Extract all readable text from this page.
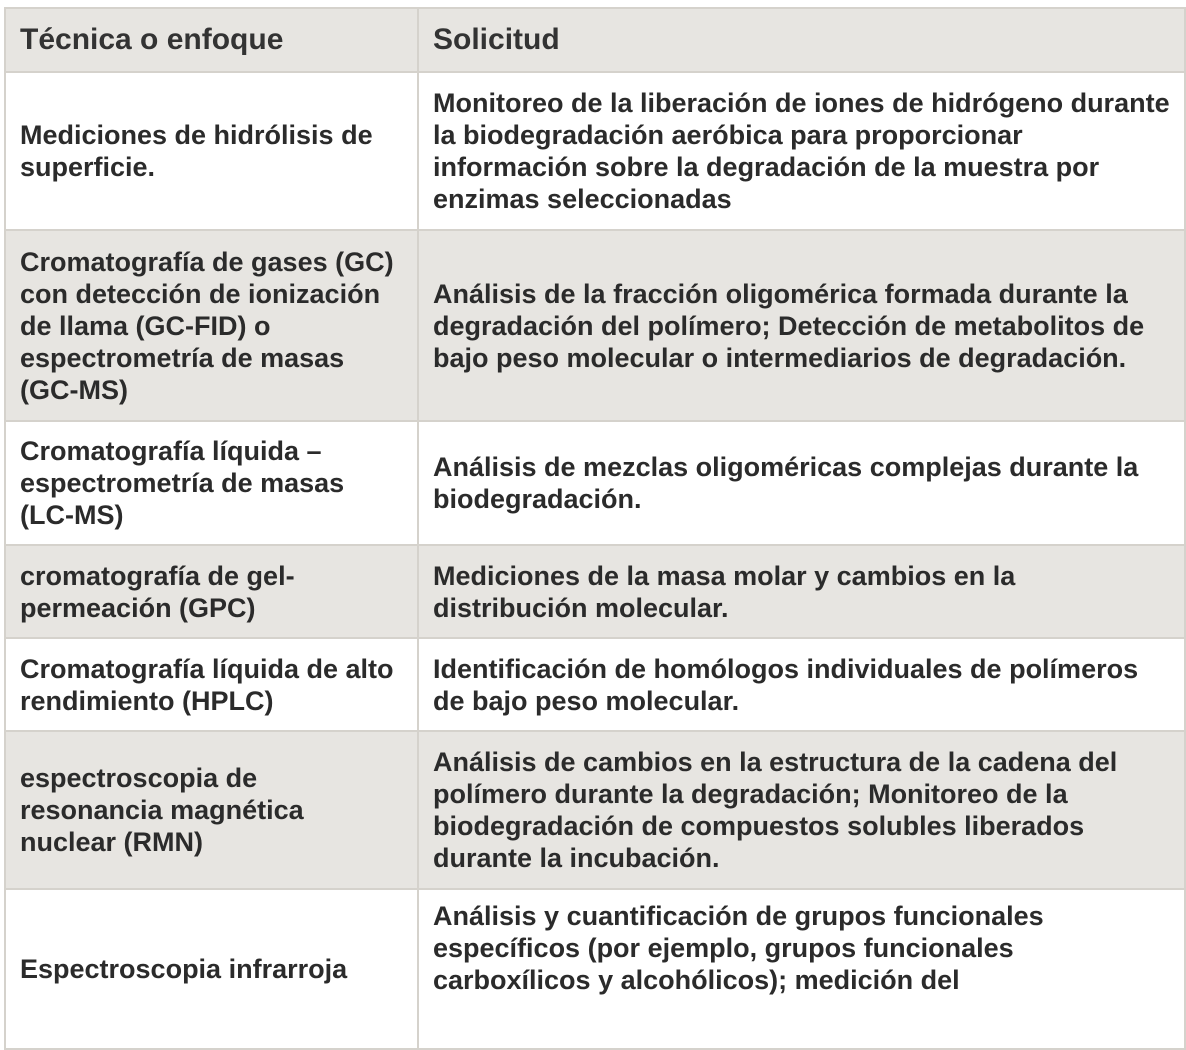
Técnica o enfoque	Solicitud
Mediciones de hidrólisis de superficie.	Monitoreo de la liberación de iones de hidrógeno durante la biodegradación aeróbica para proporcionar información sobre la degradación de la muestra por enzimas seleccionadas
Cromatografía de gases (GC) con detección de ionización de llama (GC-FID) o espectrometría de masas (GC-MS)	Análisis de la fracción oligomérica formada durante la degradación del polímero; Detección de metabolitos de bajo peso molecular o intermediarios de degradación.
Cromatografía líquida – espectrometría de masas (LC-MS)	Análisis de mezclas oligoméricas complejas durante la biodegradación.
cromatografía de gel-permeación (GPC)	Mediciones de la masa molar y cambios en la distribución molecular.
Cromatografía líquida de alto rendimiento (HPLC)	Identificación de homólogos individuales de polímeros de bajo peso molecular.
espectroscopia de resonancia magnética nuclear (RMN)	Análisis de cambios en la estructura de la cadena del polímero durante la degradación; Monitoreo de la biodegradación de compuestos solubles liberados durante la incubación.
Espectroscopia infrarroja	Análisis y cuantificación de grupos funcionales específicos (por ejemplo, grupos funcionales carboxílicos y alcohólicos); medición del
